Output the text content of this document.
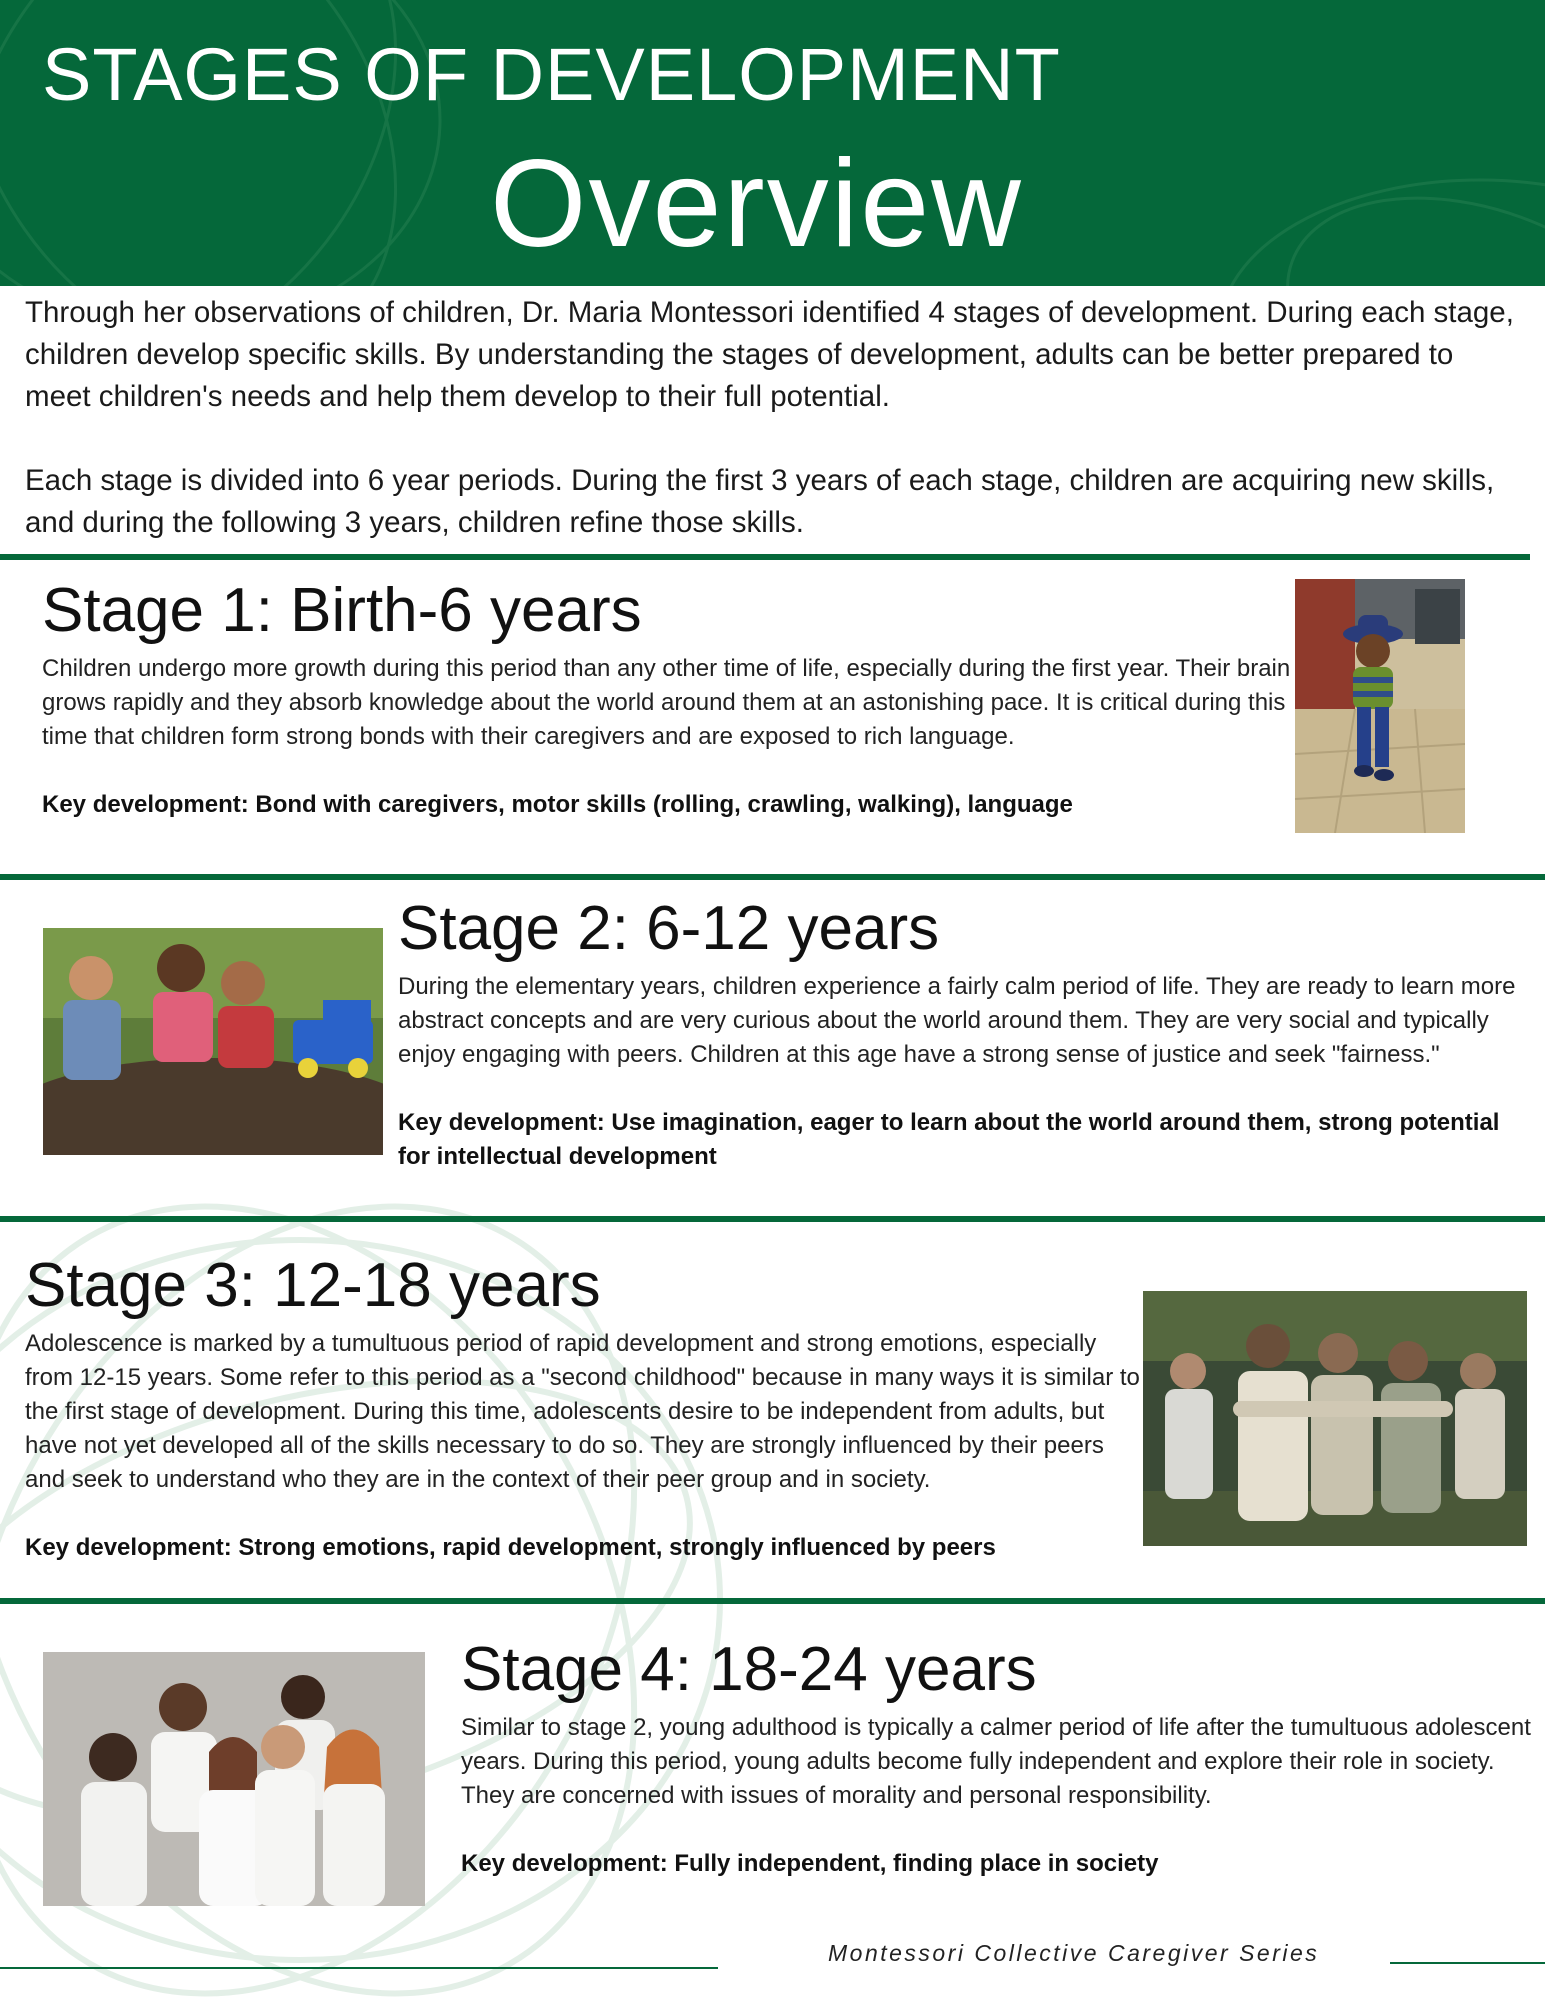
STAGES OF DEVELOPMENT
Overview

Through her observations of children, Dr. Maria Montessori identified 4 stages of development. During each stage, children develop specific skills. By understanding the stages of development, adults can be better prepared to meet children's needs and help them develop to their full potential.

Each stage is divided into 6 year periods. During the first 3 years of each stage, children are acquiring new skills, and during the following 3 years, children refine those skills.

Stage 1: Birth-6 years

Children undergo more growth during this period than any other time of life, especially during the first year. Their brain grows rapidly and they absorb knowledge about the world around them at an astonishing pace. It is critical during this time that children form strong bonds with their caregivers and are exposed to rich language.

Key development: Bond with caregivers, motor skills (rolling, crawling, walking), language

Stage 2: 6-12 years

During the elementary years, children experience a fairly calm period of life. They are ready to learn more abstract concepts and are very curious about the world around them. They are very social and typically enjoy engaging with peers. Children at this age have a strong sense of justice and seek "fairness."

Key development: Use imagination, eager to learn about the world around them, strong potential for intellectual development

Stage 3: 12-18 years

Adolescence is marked by a tumultuous period of rapid development and strong emotions, especially from 12-15 years. Some refer to this period as a "second childhood" because in many ways it is similar to the first stage of development. During this time, adolescents desire to be independent from adults, but have not yet developed all of the skills necessary to do so. They are strongly influenced by their peers and seek to understand who they are in the context of their peer group and in society.

Key development: Strong emotions, rapid development, strongly influenced by peers

Stage 4: 18-24 years

Similar to stage 2, young adulthood is typically a calmer period of life after the tumultuous adolescent years. During this period, young adults become fully independent and explore their role in society. They are concerned with issues of morality and personal responsibility.

Key development: Fully independent, finding place in society

Montessori Collective Caregiver Series
